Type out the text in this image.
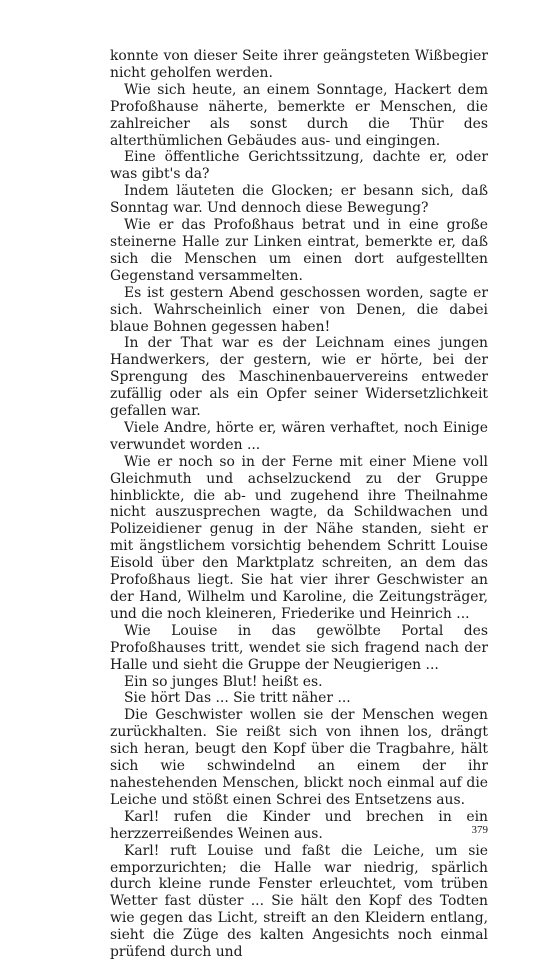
konnte von dieser Seite ihrer geängsteten Wißbegier nicht geholfen werden.

Wie sich heute, an einem Sonntage, Hackert dem Profoßhause näherte, bemerkte er Menschen, die zahlreicher als sonst durch die Thür des alterthümlichen Gebäudes aus- und eingingen.

Eine öffentliche Gerichtssitzung, dachte er, oder was gibt's da?

Indem läuteten die Glocken; er besann sich, daß Sonntag war. Und dennoch diese Bewegung?

Wie er das Profoßhaus betrat und in eine große steinerne Halle zur Linken eintrat, bemerkte er, daß sich die Menschen um einen dort aufgestellten Gegenstand versammelten.

Es ist gestern Abend geschossen worden, sagte er sich. Wahrscheinlich einer von Denen, die dabei blaue Bohnen gegessen haben!

In der That war es der Leichnam eines jungen Handwerkers, der gestern, wie er hörte, bei der Sprengung des Maschinenbauervereins entweder zufällig oder als ein Opfer seiner Widersetzlichkeit gefallen war.

Viele Andre, hörte er, wären verhaftet, noch Einige verwundet worden ...

Wie er noch so in der Ferne mit einer Miene voll Gleichmuth und achselzuckend zu der Gruppe hinblickte, die ab- und zugehend ihre Theilnahme nicht auszusprechen wagte, da Schildwachen und Polizeidiener genug in der Nähe standen, sieht er mit ängstlichem vorsichtig behendem Schritt Louise Eisold über den Marktplatz schreiten, an dem das Profoßhaus liegt. Sie hat vier ihrer Geschwister an der Hand, Wilhelm und Karoline, die Zeitungsträger, und die noch kleineren, Friederike und Heinrich ...

Wie Louise in das gewölbte Portal des Profoßhauses tritt, wendet sie sich fragend nach der Halle und sieht die Gruppe der Neugierigen ...

Ein so junges Blut! heißt es.

Sie hört Das ... Sie tritt näher ...

Die Geschwister wollen sie der Menschen wegen zurückhalten. Sie reißt sich von ihnen los, drängt sich heran, beugt den Kopf über die Tragbahre, hält sich wie schwindelnd an einem der ihr nahestehenden Menschen, blickt noch einmal auf die Leiche und stößt einen Schrei des Entsetzens aus.

Karl! rufen die Kinder und brechen in ein herzzerreißendes Weinen aus.

Karl! ruft Louise und faßt die Leiche, um sie emporzurichten; die Halle war niedrig, spärlich durch kleine runde Fenster erleuchtet, vom trüben Wetter fast düster ... Sie hält den Kopf des Todten wie gegen das Licht, streift an den Kleidern entlang, sieht die Züge des kalten Angesichts noch einmal prüfend durch und

379
